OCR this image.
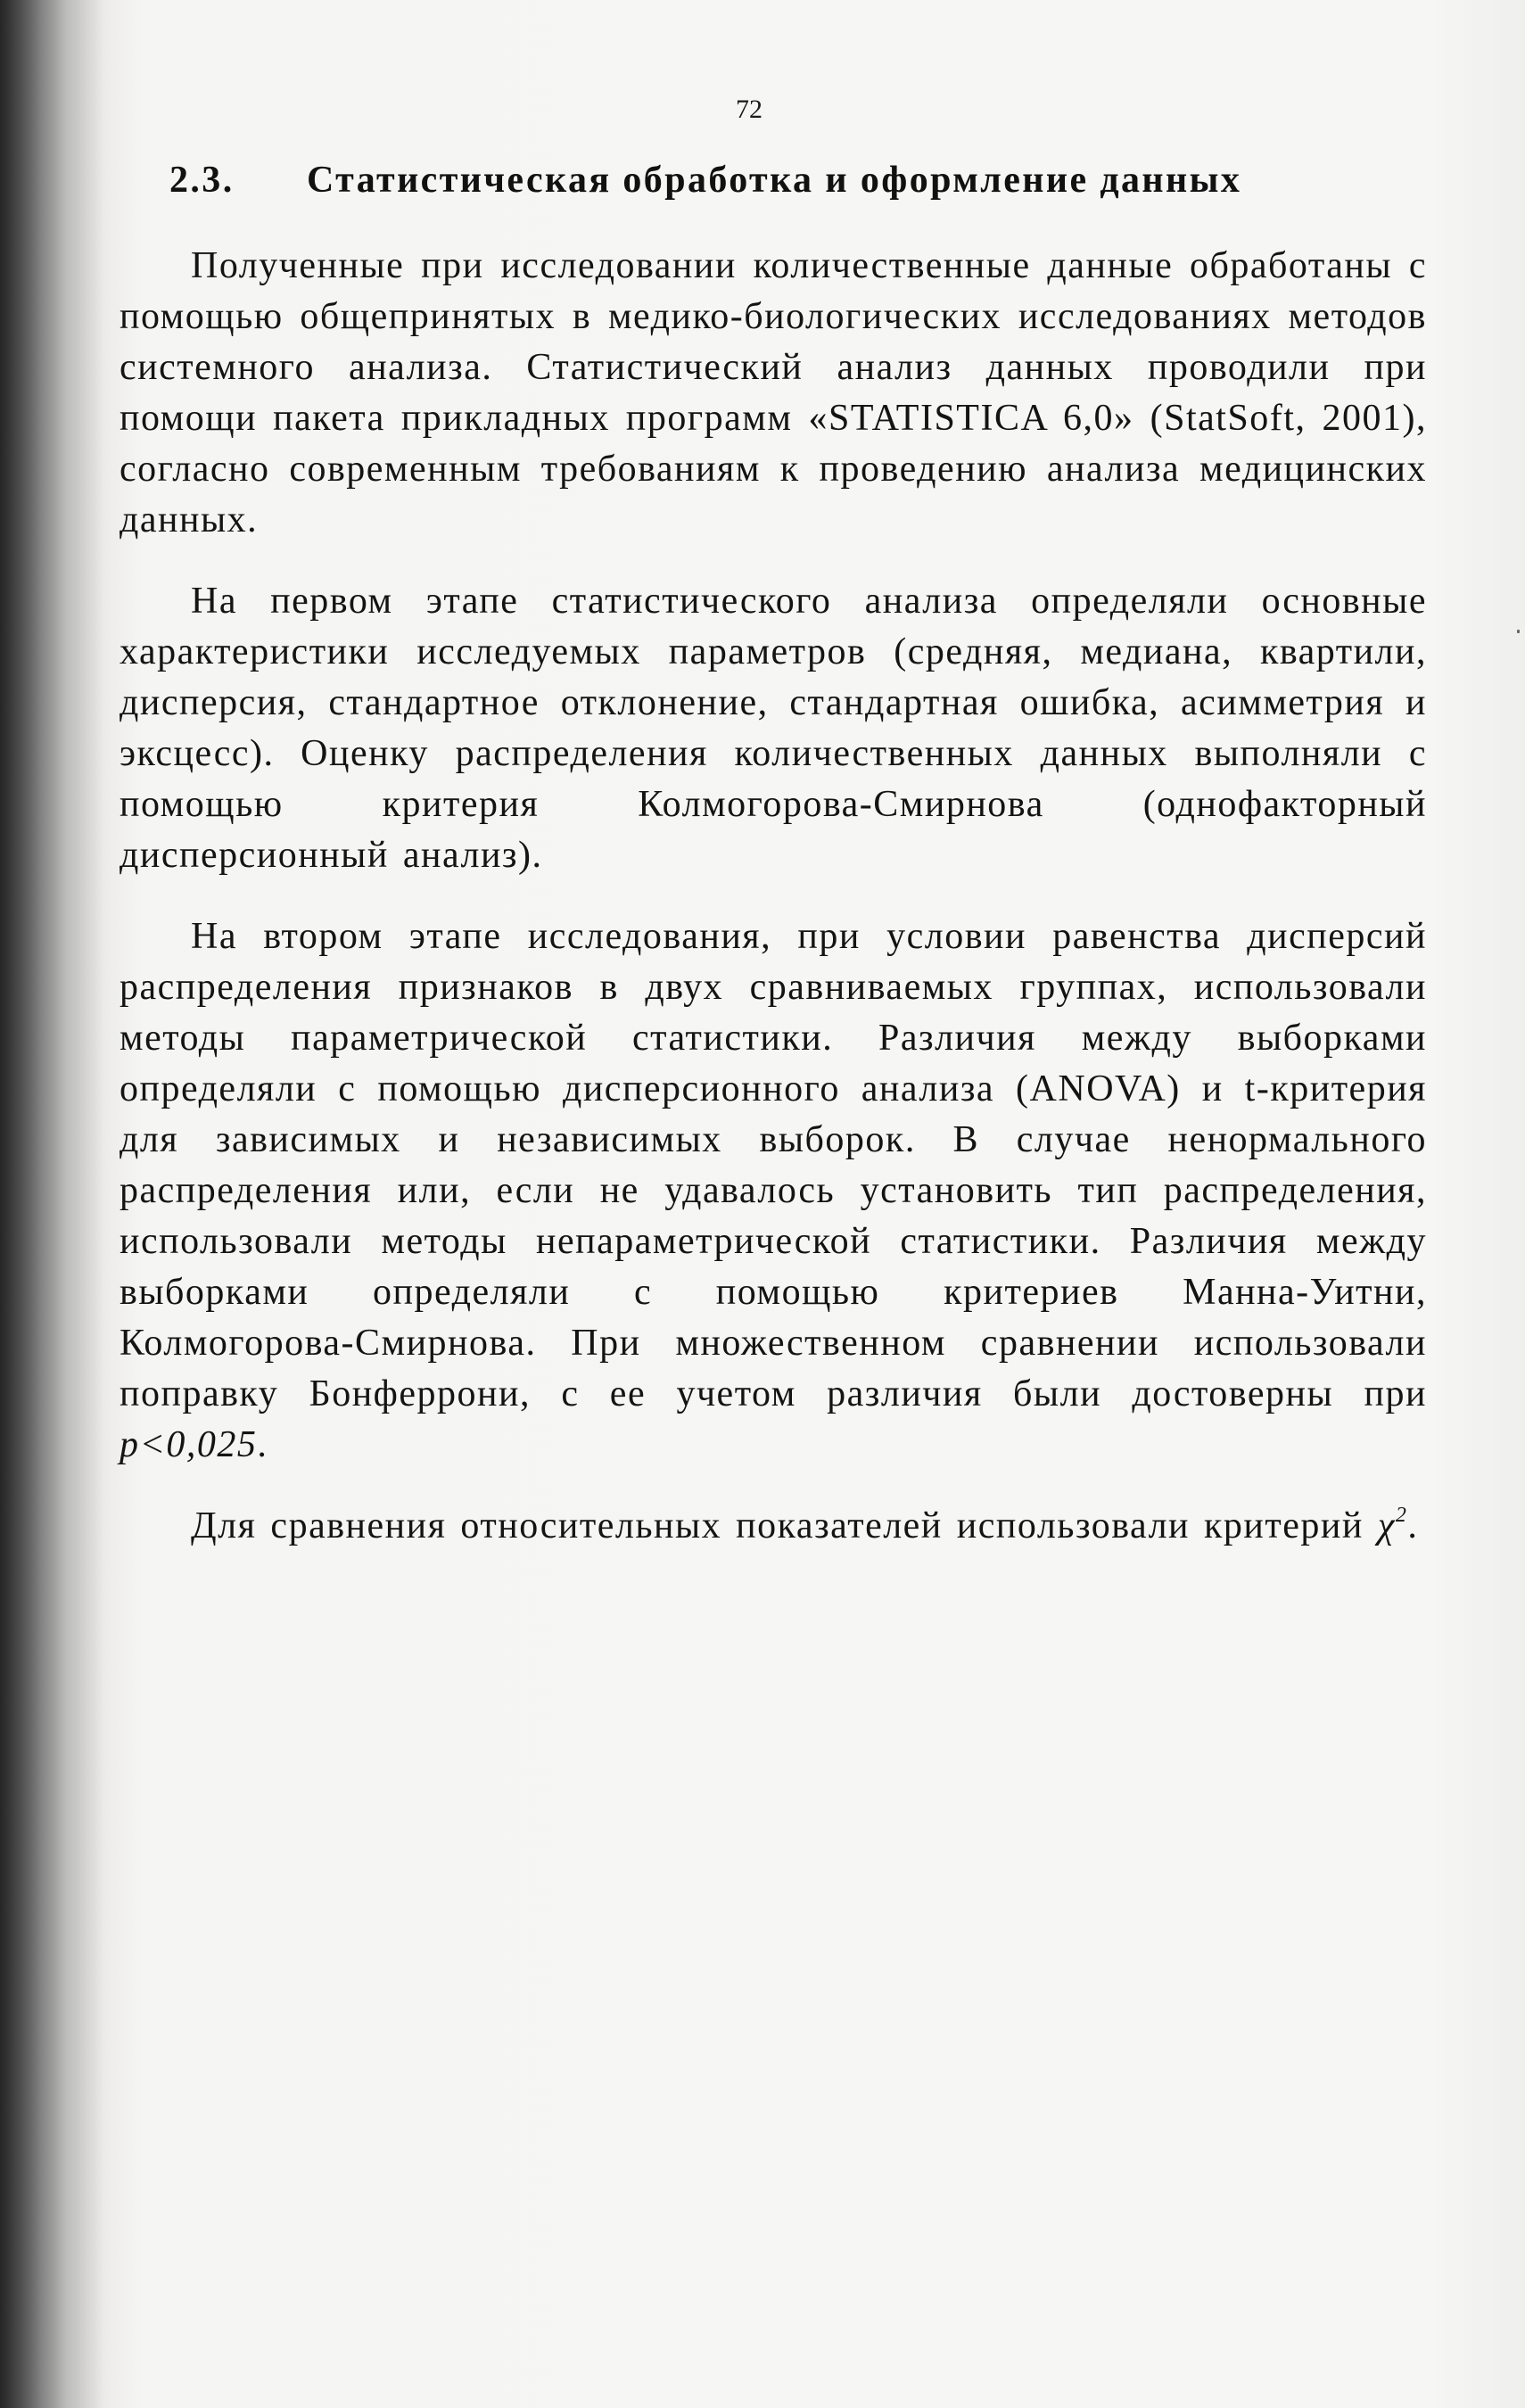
72
2.3.	Статистическая обработка и оформление данных

Полученные при исследовании количественные данные обработаны с помощью общепринятых в медико-биологических исследованиях методов системного анализа. Статистический анализ данных проводили при помощи пакета прикладных программ «STATISTICA 6,0» (StatSoft, 2001), согласно современным требованиям к проведению анализа медицинских данных.

На первом этапе статистического анализа определяли основные характеристики исследуемых параметров (средняя, медиана, квартили, дисперсия, стандартное отклонение, стандартная ошибка, асимметрия и эксцесс). Оценку распределения количественных данных выполняли с помощью критерия Колмогорова-Смирнова (однофакторный дисперсионный анализ).

На втором этапе исследования, при условии равенства дисперсий распределения признаков в двух сравниваемых группах, использовали методы параметрической статистики. Различия между выборками определяли с помощью дисперсионного анализа (ANOVA) и t-критерия для зависимых и независимых выборок. В случае ненормального распределения или, если не удавалось установить тип распределения, использовали методы непараметрической статистики. Различия между выборками определяли с помощью критериев Манна-Уитни, Колмогорова-Смирнова. При множественном сравнении использовали поправку Бонферрони, с ее учетом различия были достоверны при p<0,025.

Для сравнения относительных показателей использовали критерий $\chi^2$.
